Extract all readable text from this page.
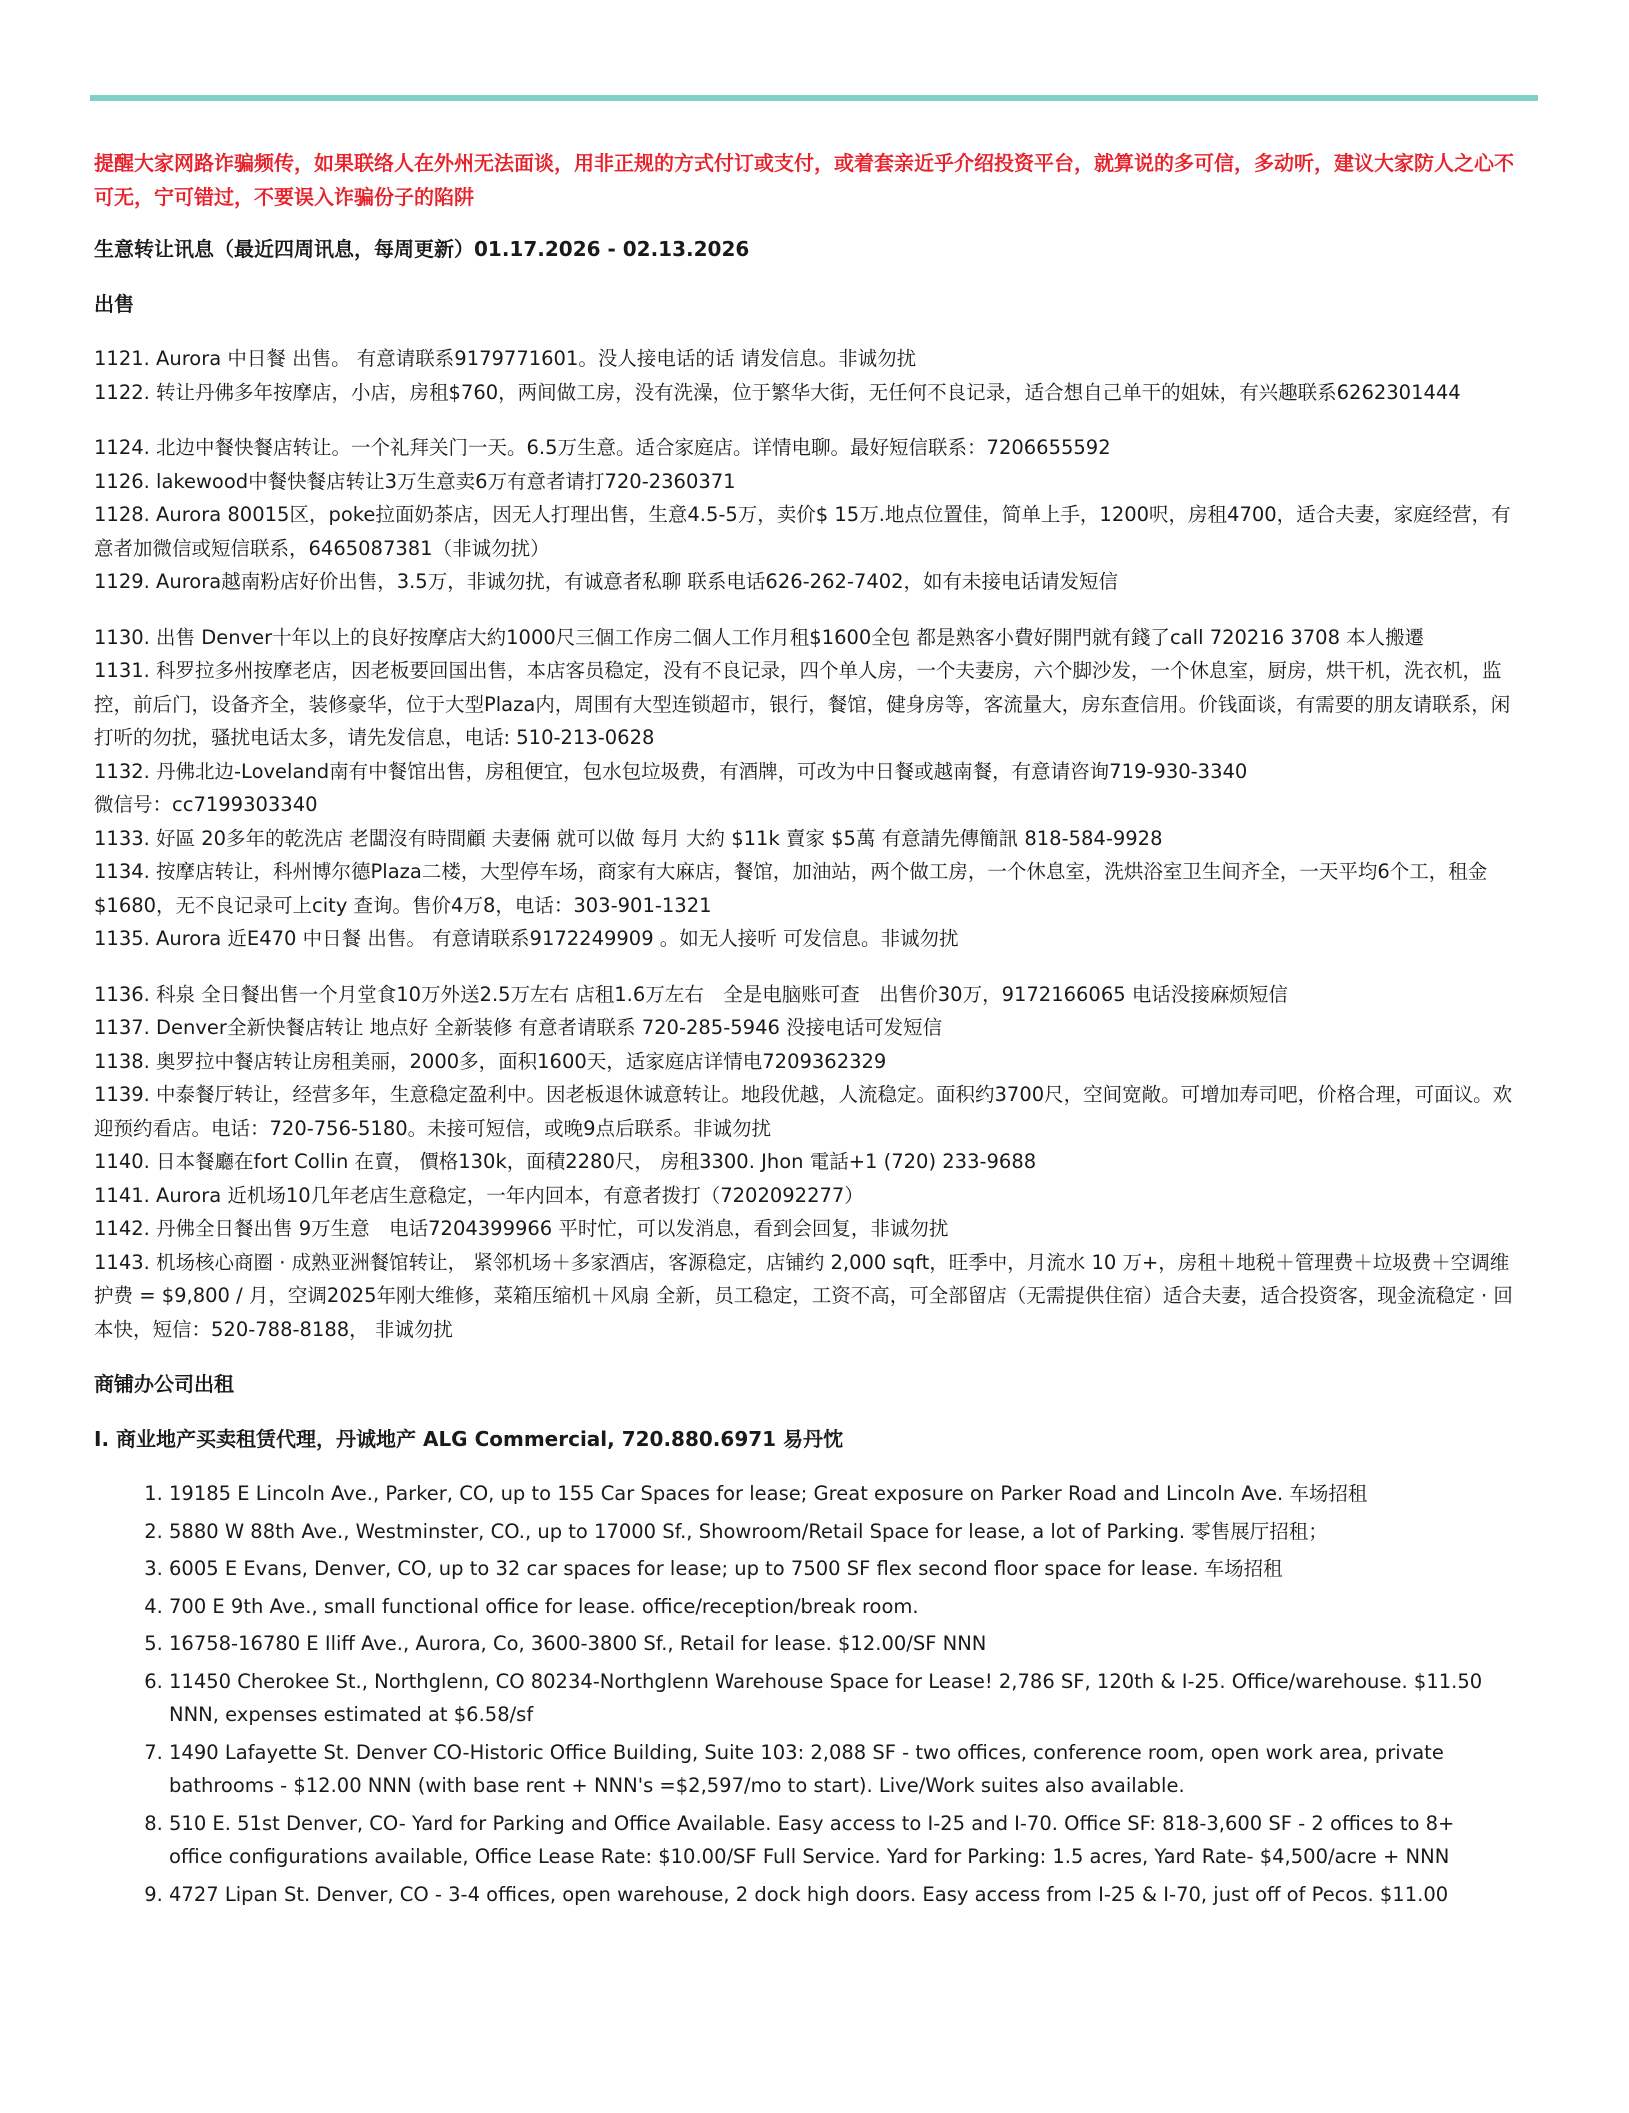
提醒大家网路诈骗频传，如果联络人在外州无法面谈，用非正规的方式付订或支付，或着套亲近乎介绍投资平台，就算说的多可信，多动听，建议大家防人之心不可无，宁可错过，不要误入诈骗份子的陷阱

生意转让讯息（最近四周讯息，每周更新）01.17.2026 - 02.13.2026

出售

1121. Aurora 中日餐 出售。 有意请联系9179771601。没人接电话的话 请发信息。非诚勿扰

1122. 转让丹佛多年按摩店，小店，房租$760，两间做工房，没有洗澡，位于繁华大街，无任何不良记录，适合想自己单干的姐妹，有兴趣联系6262301444

1124. 北边中餐快餐店转让。一个礼拜关门一天。6.5万生意。适合家庭店。详情电聊。最好短信联系：7206655592

1126. lakewood中餐快餐店转让3万生意卖6万有意者请打720-2360371

1128. Aurora 80015区，poke拉面奶茶店，因无人打理出售，生意4.5-5万，卖价$ 15万.地点位置佳，简单上手，1200呎，房租4700，适合夫妻，家庭经营，有意者加微信或短信联系，6465087381（非诚勿扰）

1129. Aurora越南粉店好价出售，3.5万，非诚勿扰，有诚意者私聊 联系电话626-262-7402，如有未接电话请发短信

1130. 出售 Denver十年以上的良好按摩店大約1000尺三個工作房二個人工作月租$1600全包 都是熟客小費好開門就有錢了call 720216 3708 本人搬遷

1131. 科罗拉多州按摩老店，因老板要回国出售，本店客员稳定，没有不良记录，四个单人房，一个夫妻房，六个脚沙发，一个休息室，厨房，烘干机，洗衣机，监控，前后门，设备齐全，装修豪华，位于大型Plaza内，周围有大型连锁超市，银行，餐馆，健身房等，客流量大，房东查信用。价钱面谈，有需要的朋友请联系，闲打听的勿扰，骚扰电话太多，请先发信息，电话: 510-213-0628

1132. 丹佛北边-Loveland南有中餐馆出售，房租便宜，包水包垃圾费，有酒牌，可改为中日餐或越南餐，有意请咨询719-930-3340

微信号：cc7199303340

1133. 好區 20多年的乾洗店 老闆沒有時間顧 夫妻倆 就可以做 每月 大約 $11k 賣家 $5萬 有意請先傳簡訊 818-584-9928

1134. 按摩店转让，科州博尔德Plaza二楼，大型停车场，商家有大麻店，餐馆，加油站，两个做工房，一个休息室，洗烘浴室卫生间齐全，一天平均6个工，租金$1680，无不良记录可上city 查询。售价4万8，电话：303-901-1321

1135. Aurora 近E470 中日餐 出售。 有意请联系9172249909 。如无人接听 可发信息。非诚勿扰

1136. 科泉 全日餐出售一个月堂食10万外送2.5万左右 店租1.6万左右　全是电脑账可查　出售价30万，9172166065 电话没接麻烦短信

1137. Denver全新快餐店转让 地点好 全新装修 有意者请联系 720-285-5946 没接电话可发短信

1138. 奥罗拉中餐店转让房租美丽，2000多，面积1600天，适家庭店详情电7209362329

1139. 中泰餐厅转让，经营多年，生意稳定盈利中。因老板退休诚意转让。地段优越，人流稳定。面积约3700尺，空间宽敞。可增加寿司吧，价格合理，可面议。欢迎预约看店。电话：720-756-5180。未接可短信，或晚9点后联系。非诚勿扰

1140. 日本餐廳在fort Collin 在賣， 價格130k，面積2280尺， 房租3300. Jhon 電話+1 (720) 233-9688

1141. Aurora 近机场10几年老店生意稳定，一年内回本，有意者拨打（7202092277）

1142. 丹佛全日餐出售 9万生意　电话7204399966 平时忙，可以发消息，看到会回复，非诚勿扰

1143. 机场核心商圈 · 成熟亚洲餐馆转让， 紧邻机场＋多家酒店，客源稳定，店铺约 2,000 sqft，旺季中，月流水 10 万+，房租＋地税＋管理费＋垃圾费＋空调维护费 = $9,800 / 月，空调2025年刚大维修，菜箱压缩机＋风扇 全新，员工稳定，工资不高，可全部留店（无需提供住宿）适合夫妻，适合投资客，现金流稳定 · 回本快，短信：520-788-8188， 非诚勿扰

商铺办公司出租

I. 商业地产买卖租赁代理，丹诚地产 ALG Commercial, 720.880.6971 易丹忱

1. 19185 E Lincoln Ave., Parker, CO, up to 155 Car Spaces for lease; Great exposure on Parker Road and Lincoln Ave. 车场招租
2. 5880 W 88th Ave., Westminster, CO., up to 17000 Sf., Showroom/Retail Space for lease, a lot of Parking. 零售展厅招租；
3. 6005 E Evans, Denver, CO, up to 32 car spaces for lease; up to 7500 SF flex second floor space for lease. 车场招租
4. 700 E 9th Ave., small functional office for lease. office/reception/break room.
5. 16758-16780 E Iliff Ave., Aurora, Co, 3600-3800 Sf., Retail for lease. $12.00/SF NNN
6. 11450 Cherokee St., Northglenn, CO 80234-Northglenn Warehouse Space for Lease! 2,786 SF, 120th & I-25. Office/warehouse. $11.50 NNN, expenses estimated at $6.58/sf
7. 1490 Lafayette St. Denver CO-Historic Office Building, Suite 103: 2,088 SF - two offices, conference room, open work area, private bathrooms - $12.00 NNN (with base rent + NNN's =$2,597/mo to start). Live/Work suites also available.
8. 510 E. 51st Denver, CO- Yard for Parking and Office Available. Easy access to I-25 and I-70. Office SF: 818-3,600 SF - 2 offices to 8+ office configurations available, Office Lease Rate: $10.00/SF Full Service. Yard for Parking: 1.5 acres, Yard Rate- $4,500/acre + NNN
9. 4727 Lipan St. Denver, CO - 3-4 offices, open warehouse, 2 dock high doors. Easy access from I-25 & I-70, just off of Pecos. $11.00
